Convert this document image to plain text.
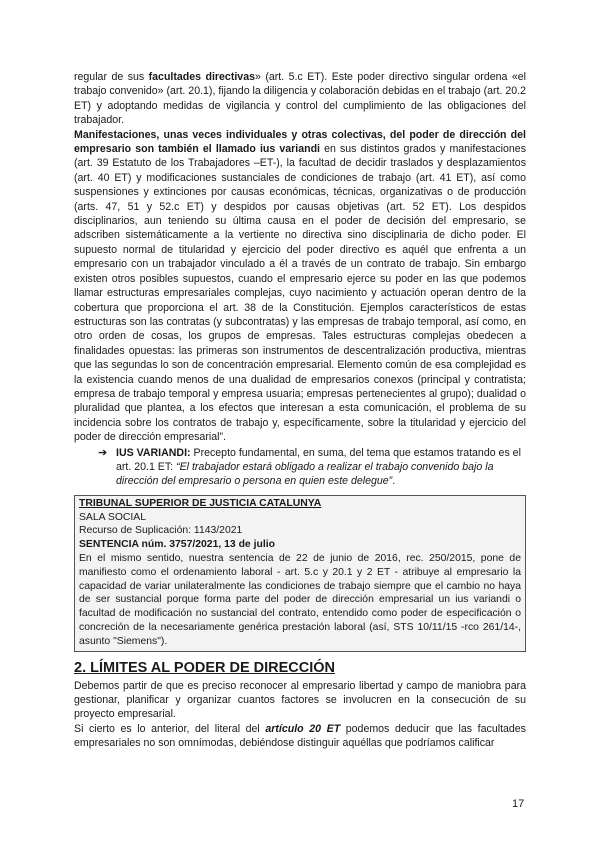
regular de sus facultades directivas» (art. 5.c ET). Este poder directivo singular ordena «el trabajo convenido» (art. 20.1), fijando la diligencia y colaboración debidas en el trabajo (art. 20.2 ET) y adoptando medidas de vigilancia y control del cumplimiento de las obligaciones del trabajador.

Manifestaciones, unas veces individuales y otras colectivas, del poder de dirección del empresario son también el llamado ius variandi en sus distintos grados y manifestaciones (art. 39 Estatuto de los Trabajadores –ET-), la facultad de decidir traslados y desplazamientos (art. 40 ET) y modificaciones sustanciales de condiciones de trabajo (art. 41 ET), así como suspensiones y extinciones por causas económicas, técnicas, organizativas o de producción (arts. 47, 51 y 52.c ET) y despidos por causas objetivas (art. 52 ET). Los despidos disciplinarios, aun teniendo su última causa en el poder de decisión del empresario, se adscriben sistemáticamente a la vertiente no directiva sino disciplinaria de dicho poder. El supuesto normal de titularidad y ejercicio del poder directivo es aquél que enfrenta a un empresario con un trabajador vinculado a él a través de un contrato de trabajo. Sin embargo existen otros posibles supuestos, cuando el empresario ejerce su poder en las que podemos llamar estructuras empresariales complejas, cuyo nacimiento y actuación operan dentro de la cobertura que proporciona el art. 38 de la Constitución. Ejemplos característicos de estas estructuras son las contratas (y subcontratas) y las empresas de trabajo temporal, así como, en otro orden de cosas, los grupos de empresas. Tales estructuras complejas obedecen a finalidades opuestas: las primeras son instrumentos de descentralización productiva, mientras que las segundas lo son de concentración empresarial. Elemento común de esa complejidad es la existencia cuando menos de una dualidad de empresarios conexos (principal y contratista; empresa de trabajo temporal y empresa usuaria; empresas pertenecientes al grupo); dualidad o pluralidad que plantea, a los efectos que interesan a esta comunicación, el problema de su incidencia sobre los contratos de trabajo y, específicamente, sobre la titularidad y ejercicio del poder de dirección empresarial”.

➔ IUS VARIANDI: Precepto fundamental, en suma, del tema que estamos tratando es el art. 20.1 ET: “El trabajador estará obligado a realizar el trabajo convenido bajo la dirección del empresario o persona en quien este delegue”.

TRIBUNAL SUPERIOR DE JUSTICIA CATALUNYA

SALA SOCIAL

Recurso de Suplicación: 1143/2021

SENTENCIA núm. 3757/2021, 13 de julio

En el mismo sentido, nuestra sentencia de 22 de junio de 2016, rec. 250/2015, pone de manifiesto como el ordenamiento laboral - art. 5.c y 20.1 y 2 ET - atribuye al empresario la capacidad de variar unilateralmente las condiciones de trabajo siempre que el cambio no haya de ser sustancial porque forma parte del poder de dirección empresarial un ius variandi o facultad de modificación no sustancial del contrato, entendido como poder de especificación o concreción de la necesariamente genérica prestación laboral (así, STS 10/11/15 -rco 261/14-, asunto "Siemens").

2. LÍMITES AL PODER DE DIRECCIÓN

Debemos partir de que es preciso reconocer al empresario libertad y campo de maniobra para gestionar, planificar y organizar cuantos factores se involucren en la consecución de su proyecto empresarial.

Si cierto es lo anterior, del literal del artículo 20 ET podemos deducir que las facultades empresariales no son omnímodas, debiéndose distinguir aquéllas que podríamos calificar

17
